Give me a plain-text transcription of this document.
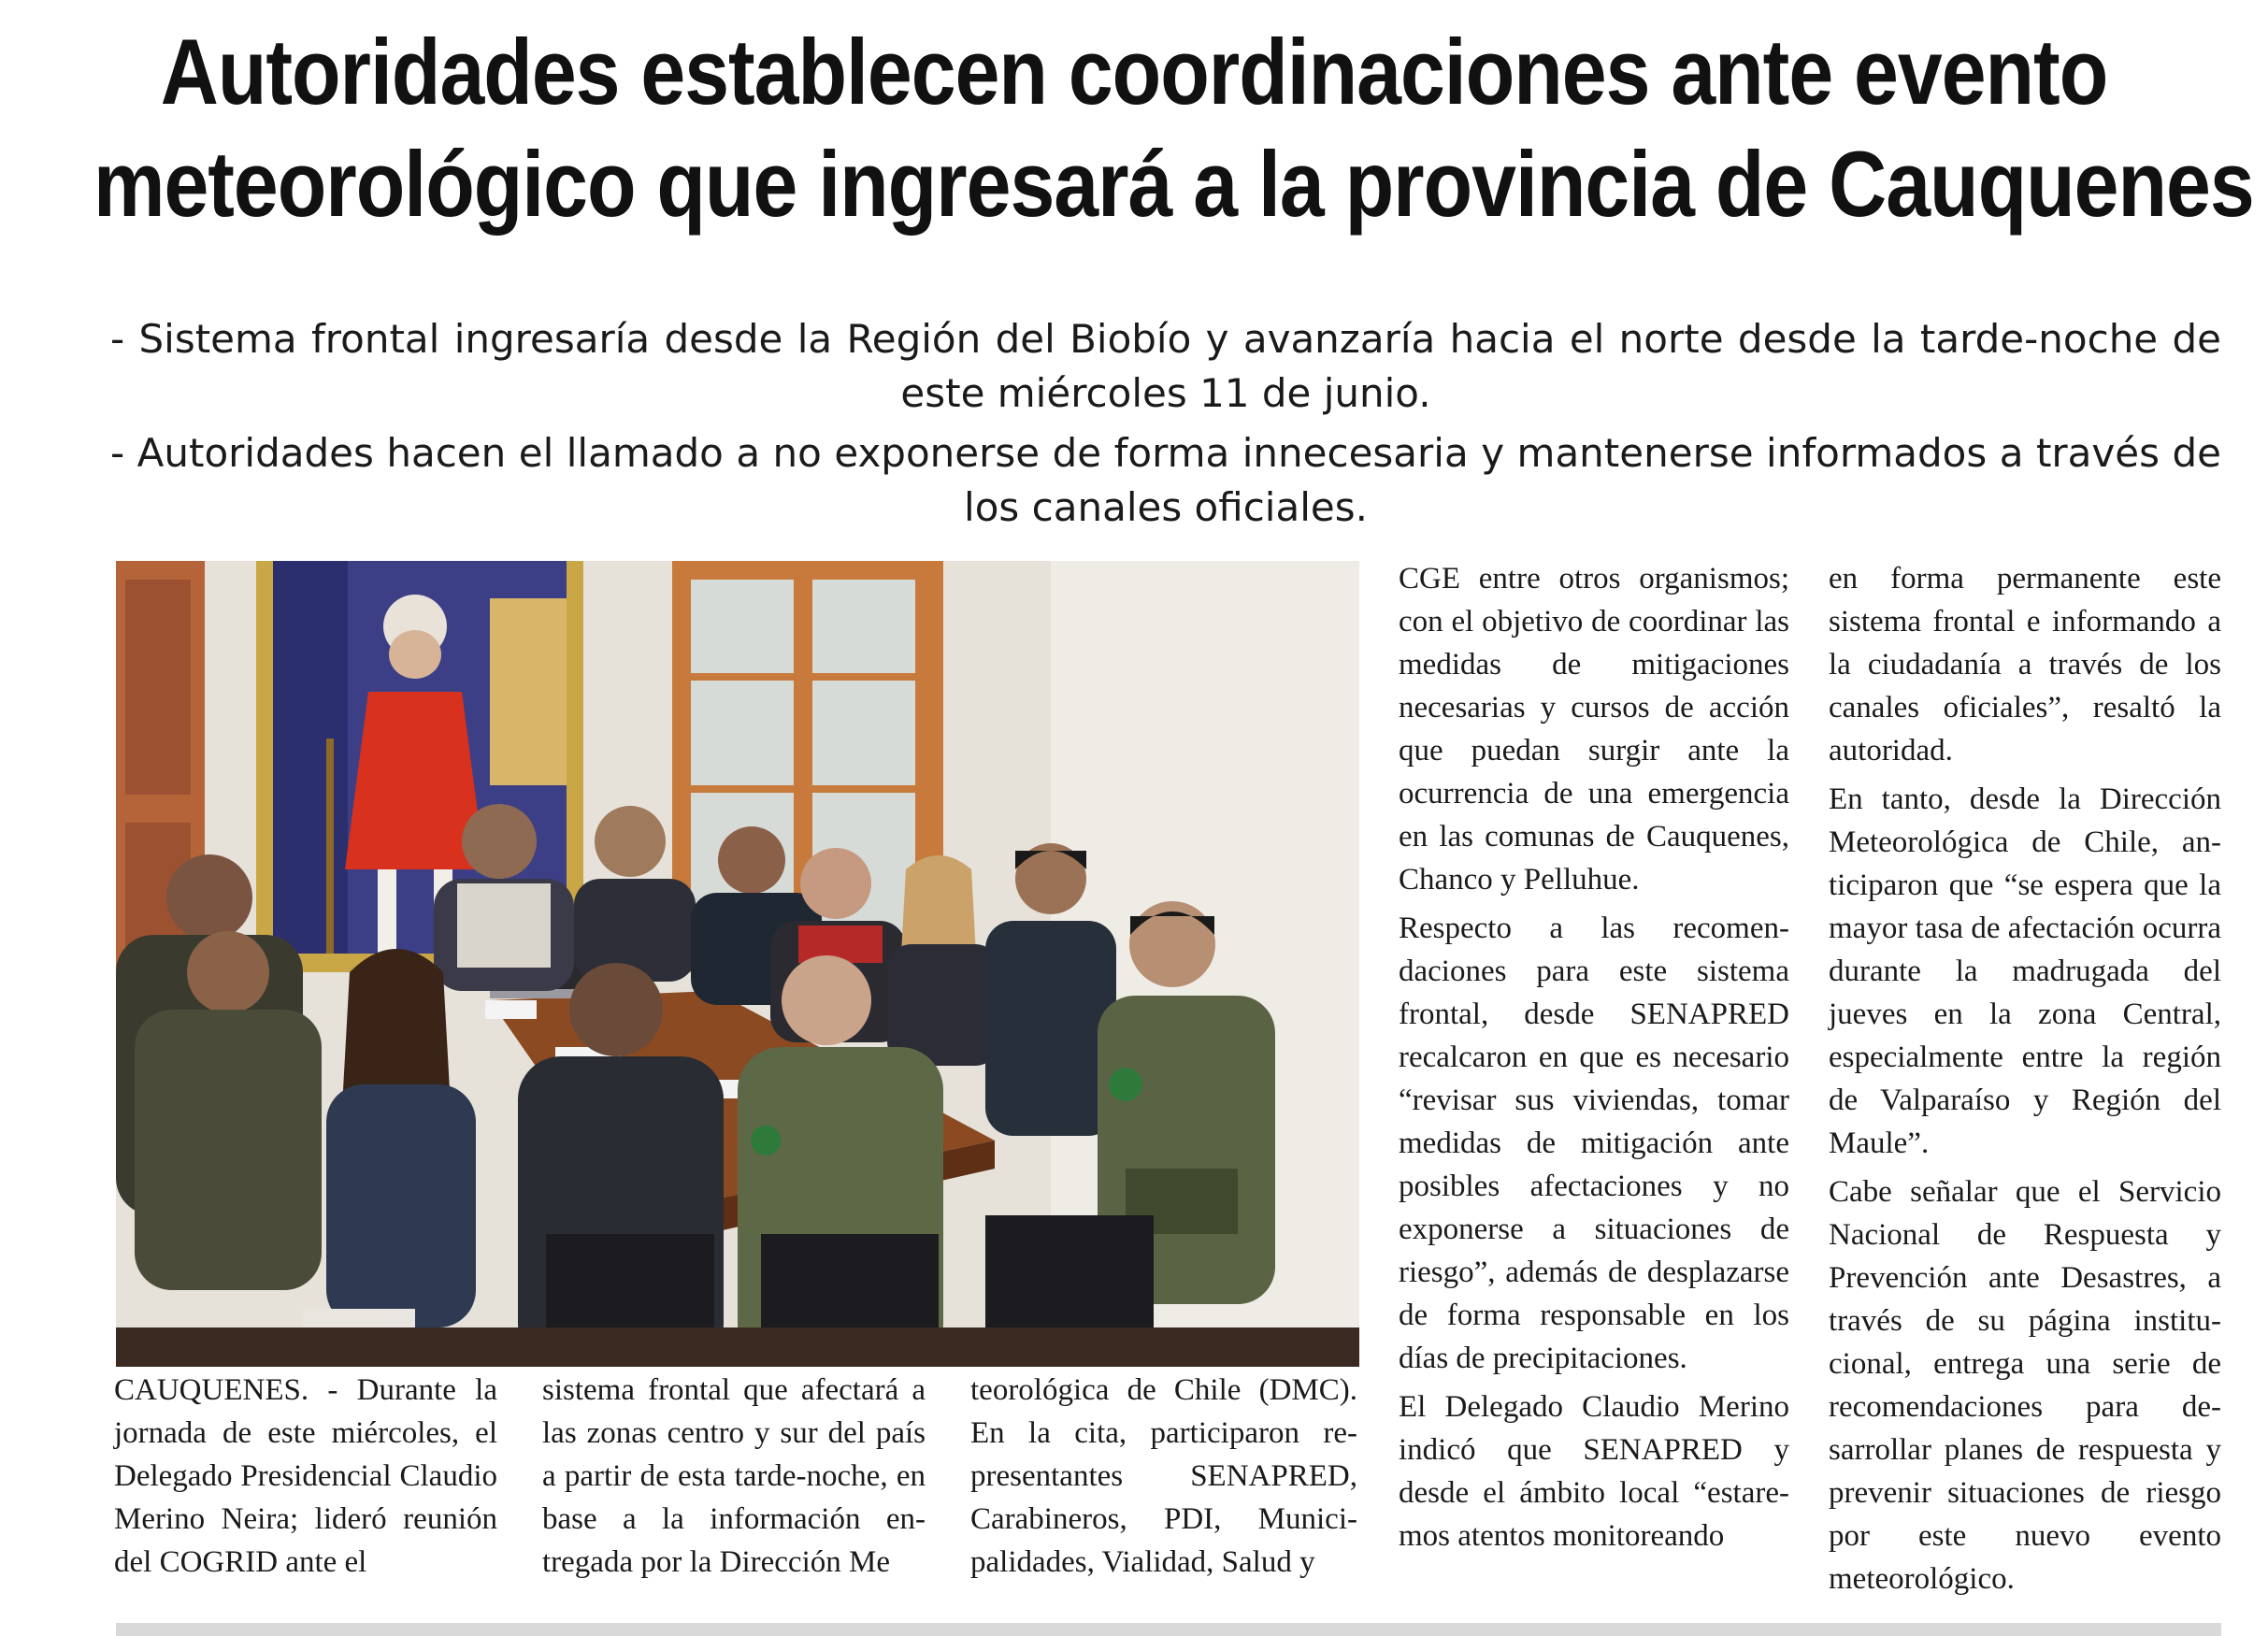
Autoridades establecen coordinaciones ante evento
meteorológico que ingresará a la provincia de Cauquenes

- Sistema frontal ingresaría desde la Región del Biobío y avanzaría hacia el norte desde la tarde-noche de este miércoles 11 de junio.

- Autoridades hacen el llamado a no exponerse de forma innecesaria y mantenerse informados a través de los canales oficiales.

CAUQUENES. - Durante la jornada de este miércoles, el Delegado Presidencial Claudio Merino Neira; lideró reunión del COGRID ante el

sistema frontal que afectará a las zonas centro y sur del país a partir de esta tarde-noche, en base a la información entregada por la Dirección Me

teorológica de Chile (DMC). En la cita, participaron representantes SENAPRED, Carabineros, PDI, Municipalidades, Vialidad, Salud y

CGE entre otros organismos; con el objetivo de coordinar las medidas de mitigaciones necesarias y cursos de acción que puedan surgir ante la ocurrencia de una emergencia en las comunas de Cauquenes, Chanco y Pelluhue.

Respecto a las recomendaciones para este sistema frontal, desde SENAPRED recalcaron en que es necesario “revisar sus viviendas, tomar medidas de mitigación ante posibles afectaciones y no exponerse a situaciones de riesgo”, además de desplazarse de forma responsable en los días de precipitaciones.

El Delegado Claudio Merino indicó que SENAPRED y desde el ámbito local “estaremos atentos monitoreando

en forma permanente este sistema frontal e informando a la ciudadanía a través de los canales oficiales”, resaltó la autoridad.

En tanto, desde la Dirección Meteorológica de Chile, anticiparon que “se espera que la mayor tasa de afectación ocurra durante la madrugada del jueves en la zona Central, especialmente entre la región de Valparaíso y Región del Maule”.

Cabe señalar que el Servicio Nacional de Respuesta y Prevención ante Desastres, a través de su página institucional, entrega una serie de recomendaciones para desarrollar planes de respuesta y prevenir situaciones de riesgo por este nuevo evento meteorológico.
